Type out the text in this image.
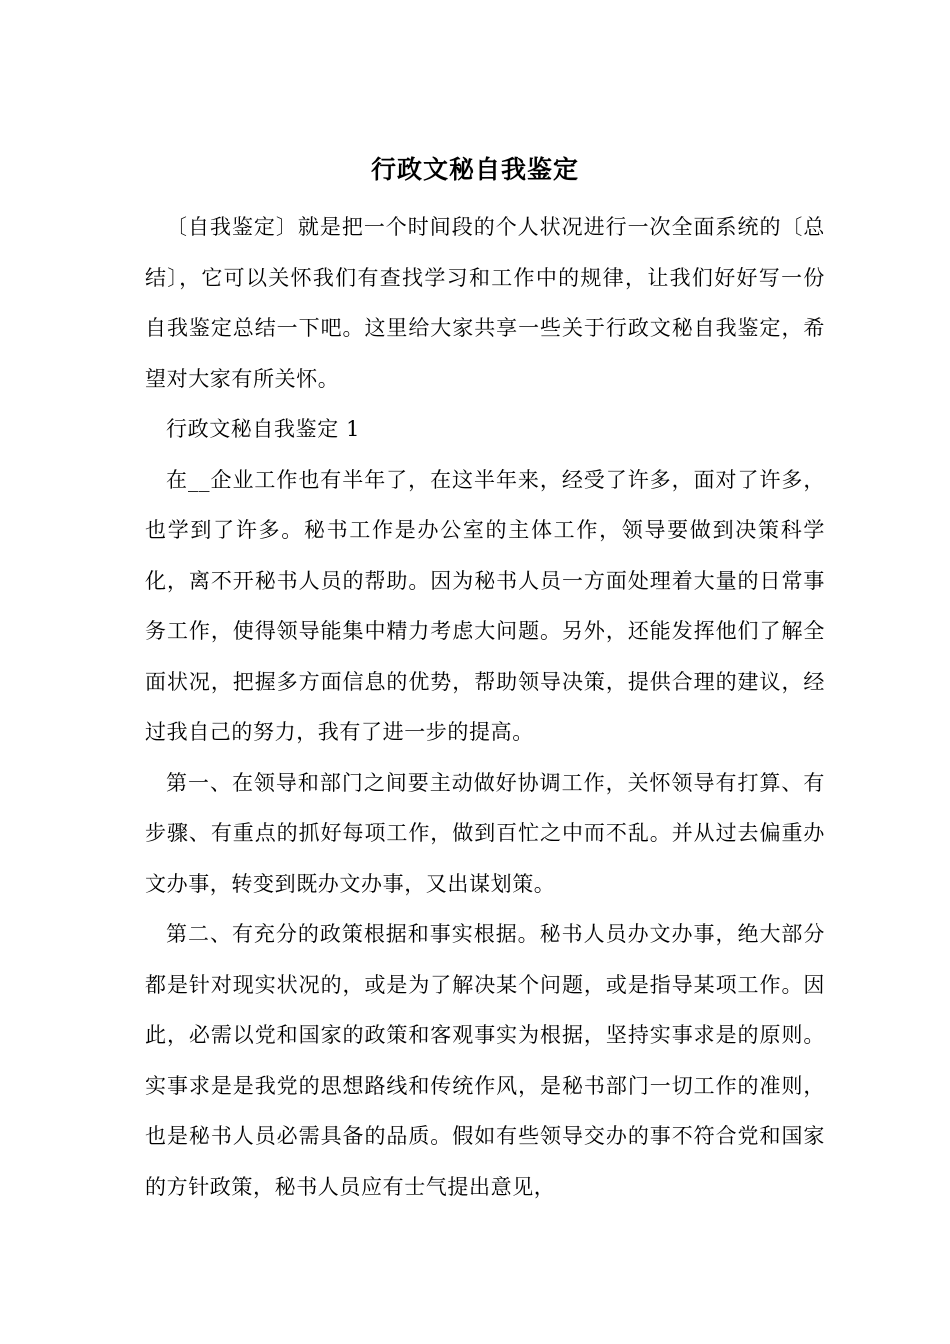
行政文秘自我鉴定

〔自我鉴定〕就是把一个时间段的个人状况进行一次全面系统的〔总结〕，它可以关怀我们有查找学习和工作中的规律，让我们好好写一份自我鉴定总结一下吧。这里给大家共享一些关于行政文秘自我鉴定，希望对大家有所关怀。

行政文秘自我鉴定 1

在__企业工作也有半年了，在这半年来，经受了许多，面对了许多，也学到了许多。秘书工作是办公室的主体工作，领导要做到决策科学化，离不开秘书人员的帮助。因为秘书人员一方面处理着大量的日常事务工作，使得领导能集中精力考虑大问题。另外，还能发挥他们了解全面状况，把握多方面信息的优势，帮助领导决策，提供合理的建议，经过我自己的努力，我有了进一步的提高。

第一、在领导和部门之间要主动做好协调工作，关怀领导有打算、有步骤、有重点的抓好每项工作，做到百忙之中而不乱。并从过去偏重办文办事，转变到既办文办事，又出谋划策。

第二、有充分的政策根据和事实根据。秘书人员办文办事，绝大部分都是针对现实状况的，或是为了解决某个问题，或是指导某项工作。因此，必需以党和国家的政策和客观事实为根据，坚持实事求是的原则。实事求是是我党的思想路线和传统作风，是秘书部门一切工作的准则，也是秘书人员必需具备的品质。假如有些领导交办的事不符合党和国家的方针政策，秘书人员应有士气提出意见，
